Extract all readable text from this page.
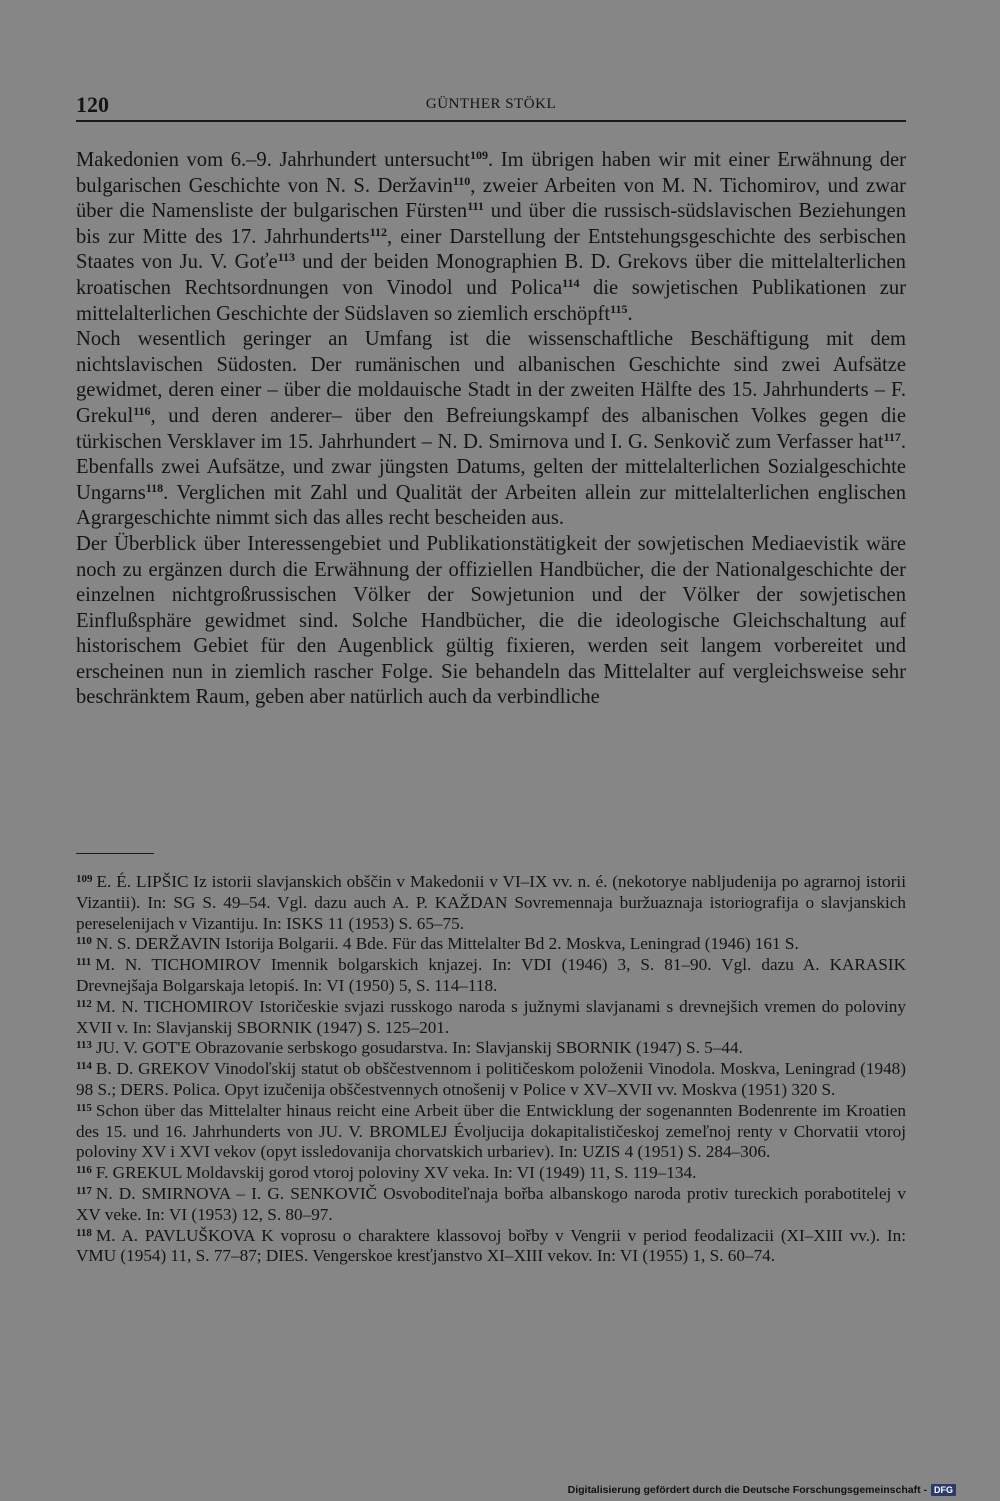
120	GÜNTHER STÖKL

Makedonien vom 6.–9. Jahrhundert untersucht$^{109}$. Im übrigen haben wir mit einer Erwähnung der bulgarischen Geschichte von N. S. Deržavin$^{110}$, zweier Arbeiten von M. N. Tichomirov, und zwar über die Namensliste der bulgarischen Fürsten$^{111}$ und über die russisch-südslavischen Beziehungen bis zur Mitte des 17. Jahrhunderts$^{112}$, einer Darstellung der Entstehungsgeschichte des serbischen Staates von Ju. V. Goťe$^{113}$ und der beiden Monographien B. D. Grekovs über die mittelalterlichen kroatischen Rechtsordnungen von Vinodol und Polica$^{114}$ die sowjetischen Publikationen zur mittelalterlichen Geschichte der Südslaven so ziemlich erschöpft$^{115}$.

Noch wesentlich geringer an Umfang ist die wissenschaftliche Beschäftigung mit dem nichtslavischen Südosten. Der rumänischen und albanischen Geschichte sind zwei Aufsätze gewidmet, deren einer – über die moldauische Stadt in der zweiten Hälfte des 15. Jahrhunderts – F. Grekul$^{116}$, und deren anderer– über den Befreiungskampf des albanischen Volkes gegen die türkischen Versklaver im 15. Jahrhundert – N. D. Smirnova und I. G. Senkovič zum Verfasser hat$^{117}$. Ebenfalls zwei Aufsätze, und zwar jüngsten Datums, gelten der mittelalterlichen Sozialgeschichte Ungarns$^{118}$. Verglichen mit Zahl und Qualität der Arbeiten allein zur mittelalterlichen englischen Agrargeschichte nimmt sich das alles recht bescheiden aus.

Der Überblick über Interessengebiet und Publikationstätigkeit der sowjetischen Mediaevistik wäre noch zu ergänzen durch die Erwähnung der offiziellen Handbücher, die der Nationalgeschichte der einzelnen nichtgroßrussischen Völker der Sowjetunion und der Völker der sowjetischen Einflußsphäre gewidmet sind. Solche Handbücher, die die ideologische Gleichschaltung auf historischem Gebiet für den Augenblick gültig fixieren, werden seit langem vorbereitet und erscheinen nun in ziemlich rascher Folge. Sie behandeln das Mittelalter auf vergleichsweise sehr beschränktem Raum, geben aber natürlich auch da verbindliche

$^{109}$ E. É. LIPŠIC Iz istorii slavjanskich obščin v Makedonii v VI–IX vv. n. é. (nekotorye nabljudenija po agrarnoj istorii Vizantii). In: SG S. 49–54. Vgl. dazu auch A. P. KAŽDAN Sovremennaja buržuaznaja istoriografija o slavjanskich pereselenijach v Vizantiju. In: ISKS 11 (1953) S. 65–75.

$^{110}$ N. S. DERŽAVIN Istorija Bolgarii. 4 Bde. Für das Mittelalter Bd 2. Moskva, Leningrad (1946) 161 S.

$^{111}$ M. N. TICHOMIROV Imennik bolgarskich knjazej. In: VDI (1946) 3, S. 81–90. Vgl. dazu A. KARASIK Drevnejšaja Bolgarskaja letopiś. In: VI (1950) 5, S. 114–118.

$^{112}$ M. N. TICHOMIROV Istoričeskie svjazi russkogo naroda s južnymi slavjanami s drevnejšich vremen do poloviny XVII v. In: Slavjanskij SBORNIK (1947) S. 125–201.

$^{113}$ JU. V. GOT'E Obrazovanie serbskogo gosudarstva. In: Slavjanskij SBORNIK (1947) S. 5–44.

$^{114}$ B. D. GREKOV Vinodoľskij statut ob obščestvennom i političeskom položenii Vinodola. Moskva, Leningrad (1948) 98 S.; DERS. Polica. Opyt izučenija obščestvennych otnošenij v Police v XV–XVII vv. Moskva (1951) 320 S.

$^{115}$ Schon über das Mittelalter hinaus reicht eine Arbeit über die Entwicklung der sogenannten Bodenrente im Kroatien des 15. und 16. Jahrhunderts von JU. V. BROMLEJ Évoljucija dokapitalističeskoj zemeľnoj renty v Chorvatii vtoroj poloviny XV i XVI vekov (opyt issledovanija chorvatskich urbariev). In: UZIS 4 (1951) S. 284–306.

$^{116}$ F. GREKUL Moldavskij gorod vtoroj poloviny XV veka. In: VI (1949) 11, S. 119–134.

$^{117}$ N. D. SMIRNOVA – I. G. SENKOVIČ Osvoboditeľnaja bořba albanskogo naroda protiv tureckich porabotitelej v XV veke. In: VI (1953) 12, S. 80–97.

$^{118}$ M. A. PAVLUŠKOVA K voprosu o charaktere klassovoj bořby v Vengrii v period feodalizacii (XI–XIII vv.). In: VMU (1954) 11, S. 77–87; DIES. Vengerskoe kresťjanstvo XI–XIII vekov. In: VI (1955) 1, S. 60–74.

Digitalisierung gefördert durch die Deutsche Forschungsgemeinschaft - DFG
